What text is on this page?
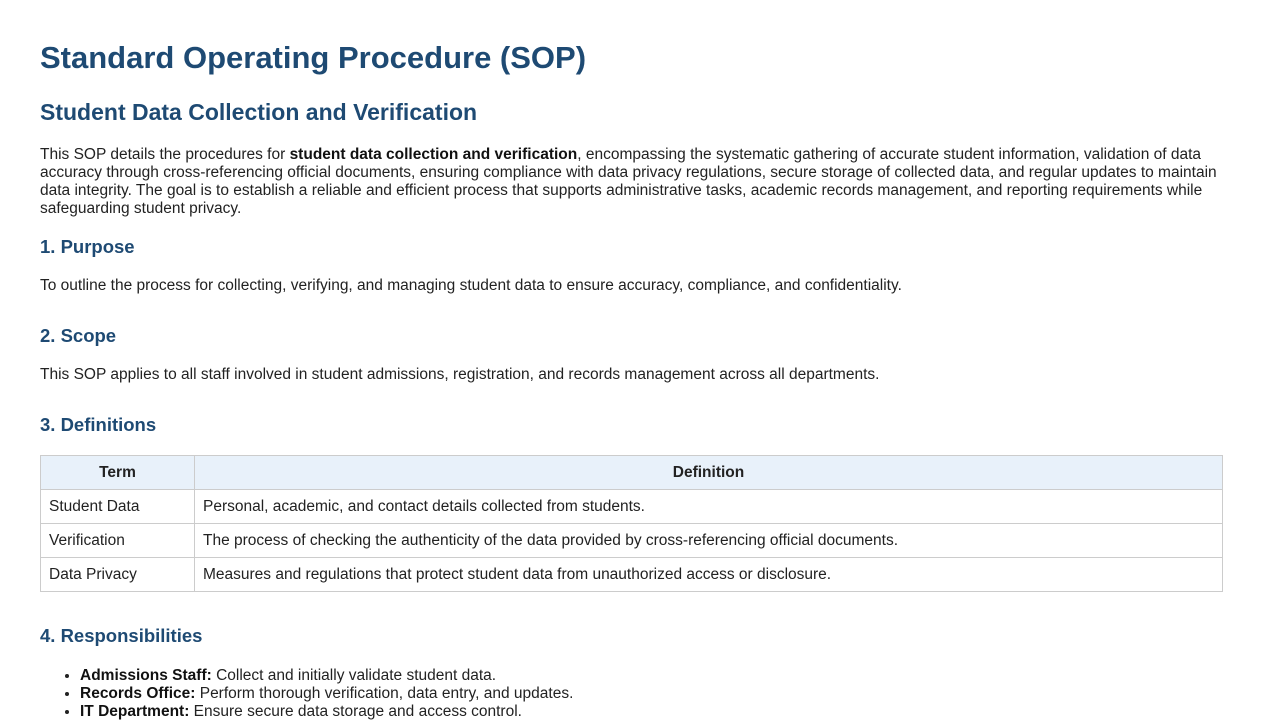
Standard Operating Procedure (SOP)
Student Data Collection and Verification

This SOP details the procedures for student data collection and verification, encompassing the systematic gathering of accurate student information, validation of data accuracy through cross-referencing official documents, ensuring compliance with data privacy regulations, secure storage of collected data, and regular updates to maintain data integrity. The goal is to establish a reliable and efficient process that supports administrative tasks, academic records management, and reporting requirements while safeguarding student privacy.

1. Purpose

To outline the process for collecting, verifying, and managing student data to ensure accuracy, compliance, and confidentiality.

2. Scope

This SOP applies to all staff involved in student admissions, registration, and records management across all departments.

3. Definitions
Term	Definition
Student Data	Personal, academic, and contact details collected from students.
Verification	The process of checking the authenticity of the data provided by cross-referencing official documents.
Data Privacy	Measures and regulations that protect student data from unauthorized access or disclosure.
4. Responsibilities
• Admissions Staff: Collect and initially validate student data.
• Records Office: Perform thorough verification, data entry, and updates.
• IT Department: Ensure secure data storage and access control.
